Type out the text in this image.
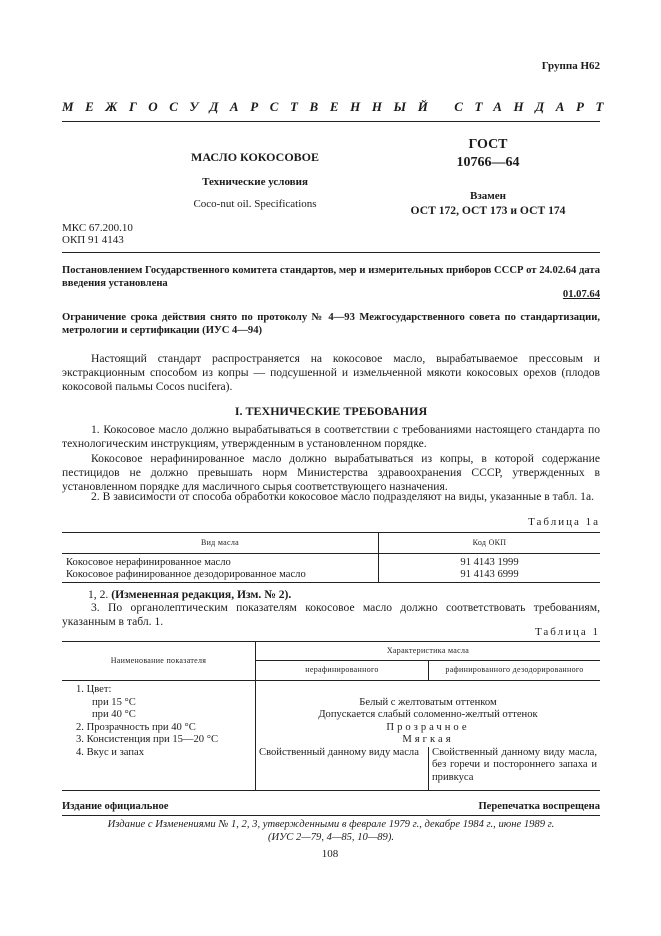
Группа Н62
МЕЖГОСУДАРСТВЕННЫЙ СТАНДАРТ
МАСЛО КОКОСОВОЕ
Технические условия
Coco-nut oil. Specifications
ГОСТ
10766—64
Взамен
ОСТ 172, ОСТ 173 и ОСТ 174
МКС 67.200.10
ОКП 91 4143
Постановлением Государственного комитета стандартов, мер и измерительных приборов СССР от 24.02.64 дата введения установлена
01.07.64
Ограничение срока действия снято по протоколу № 4—93 Межгосударственного совета по стандартизации, метрологии и сертификации (ИУС 4—94)
Настоящий стандарт распространяется на кокосовое масло, вырабатываемое прессовым и экстракционным способом из копры — подсушенной и измельченной мякоти кокосовых орехов (плодов кокосовой пальмы Cocos nucifera).
I. ТЕХНИЧЕСКИЕ ТРЕБОВАНИЯ
1. Кокосовое масло должно вырабатываться в соответствии с требованиями настоящего стандарта по технологическим инструкциям, утвержденным в установленном порядке.
Кокосовое нерафинированное масло должно вырабатываться из копры, в которой содержание пестицидов не должно превышать норм Министерства здравоохранения СССР, утвержденных в установленном порядке для масличного сырья соответствующего назначения.
2. В зависимости от способа обработки кокосовое масло подразделяют на виды, указанные в табл. 1а.
Таблица 1а
Вид масла	Код ОКП
Кокосовое нерафинированное масло	91 4143 1999
Кокосовое рафинированное дезодорированное масло	91 4143 6999
1, 2. (Измененная редакция, Изм. № 2).
3. По органолептическим показателям кокосовое масло должно соответствовать требованиям, указанным в табл. 1.
Таблица 1
Наименование показателя	Характеристика масла	
	нерафинированного	рафинированного дезодорированного
1. Цвет:		
при 15 °С	Белый с желтоватым оттенком	
при 40 °С	Допускается слабый соломенно-желтый оттенок	
2. Прозрачность при 40 °С	Прозрачное	
3. Консистенция при 15—20 °С	Мягкая	
4. Вкус и запах	Свойственный данному виду масла	Свойственный данному виду масла, без горечи и постороннего запаха и привкуса
Издание официальное	Перепечатка воспрещена
Издание с Изменениями № 1, 2, 3, утвержденными в феврале 1979 г., декабре 1984 г., июне 1989 г.
(ИУС 2—79, 4—85, 10—89).
108
